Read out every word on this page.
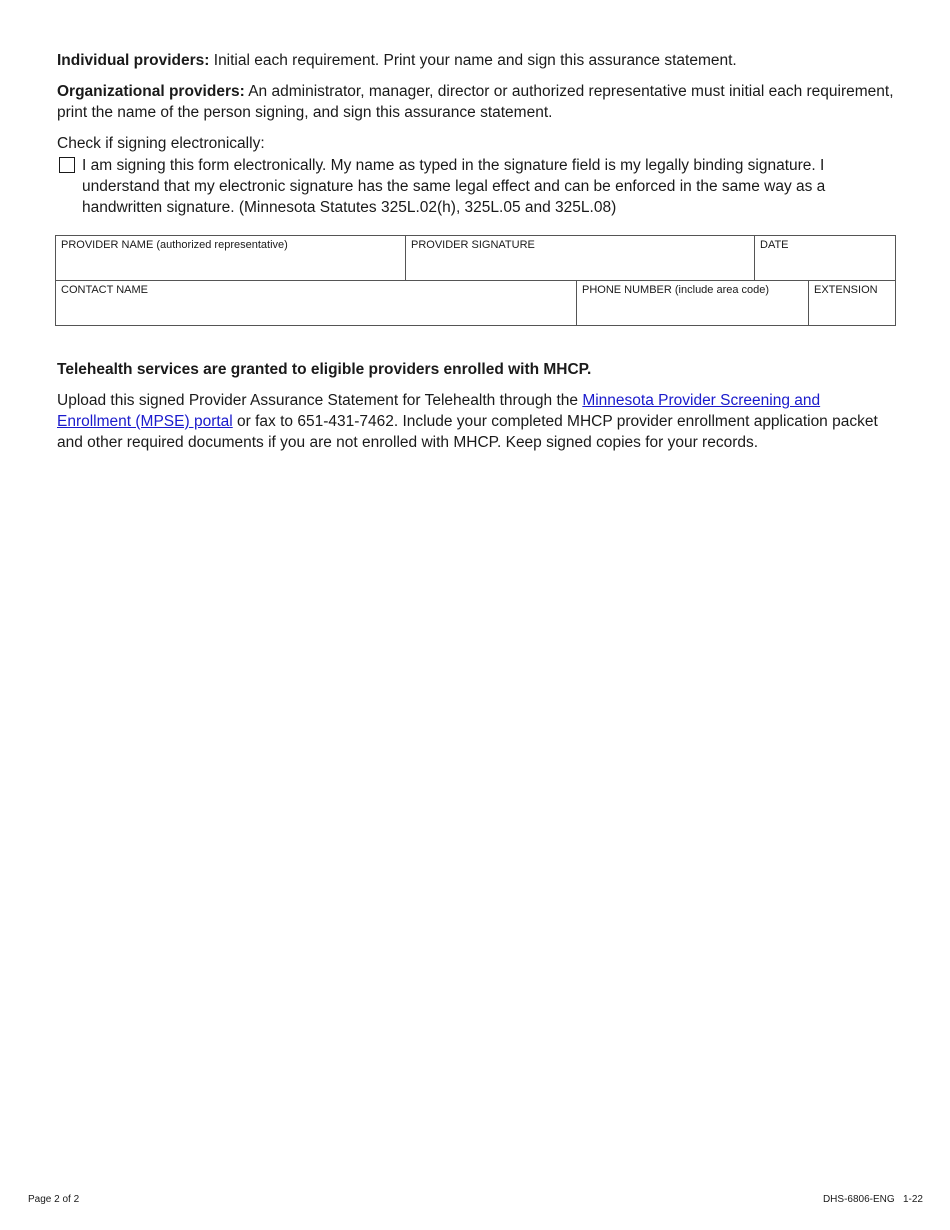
Individual providers: Initial each requirement. Print your name and sign this assurance statement.

Organizational providers: An administrator, manager, director or authorized representative must initial each requirement, print the name of the person signing, and sign this assurance statement.

Check if signing electronically:

I am signing this form electronically. My name as typed in the signature field is my legally binding signature. I understand that my electronic signature has the same legal effect and can be enforced in the same way as a handwritten signature. (Minnesota Statutes 325L.02(h), 325L.05 and 325L.08)
PROVIDER NAME (authorized representative)	PROVIDER SIGNATURE		DATE	
CONTACT NAME		PHONE NUMBER (include area code)		EXTENSION

Telehealth services are granted to eligible providers enrolled with MHCP.

Upload this signed Provider Assurance Statement for Telehealth through the Minnesota Provider Screening and Enrollment (MPSE) portal or fax to 651-431-7462. Include your completed MHCP provider enrollment application packet and other required documents if you are not enrolled with MHCP. Keep signed copies for your records.

Page 2 of 2	DHS-6806-ENG   1-22
